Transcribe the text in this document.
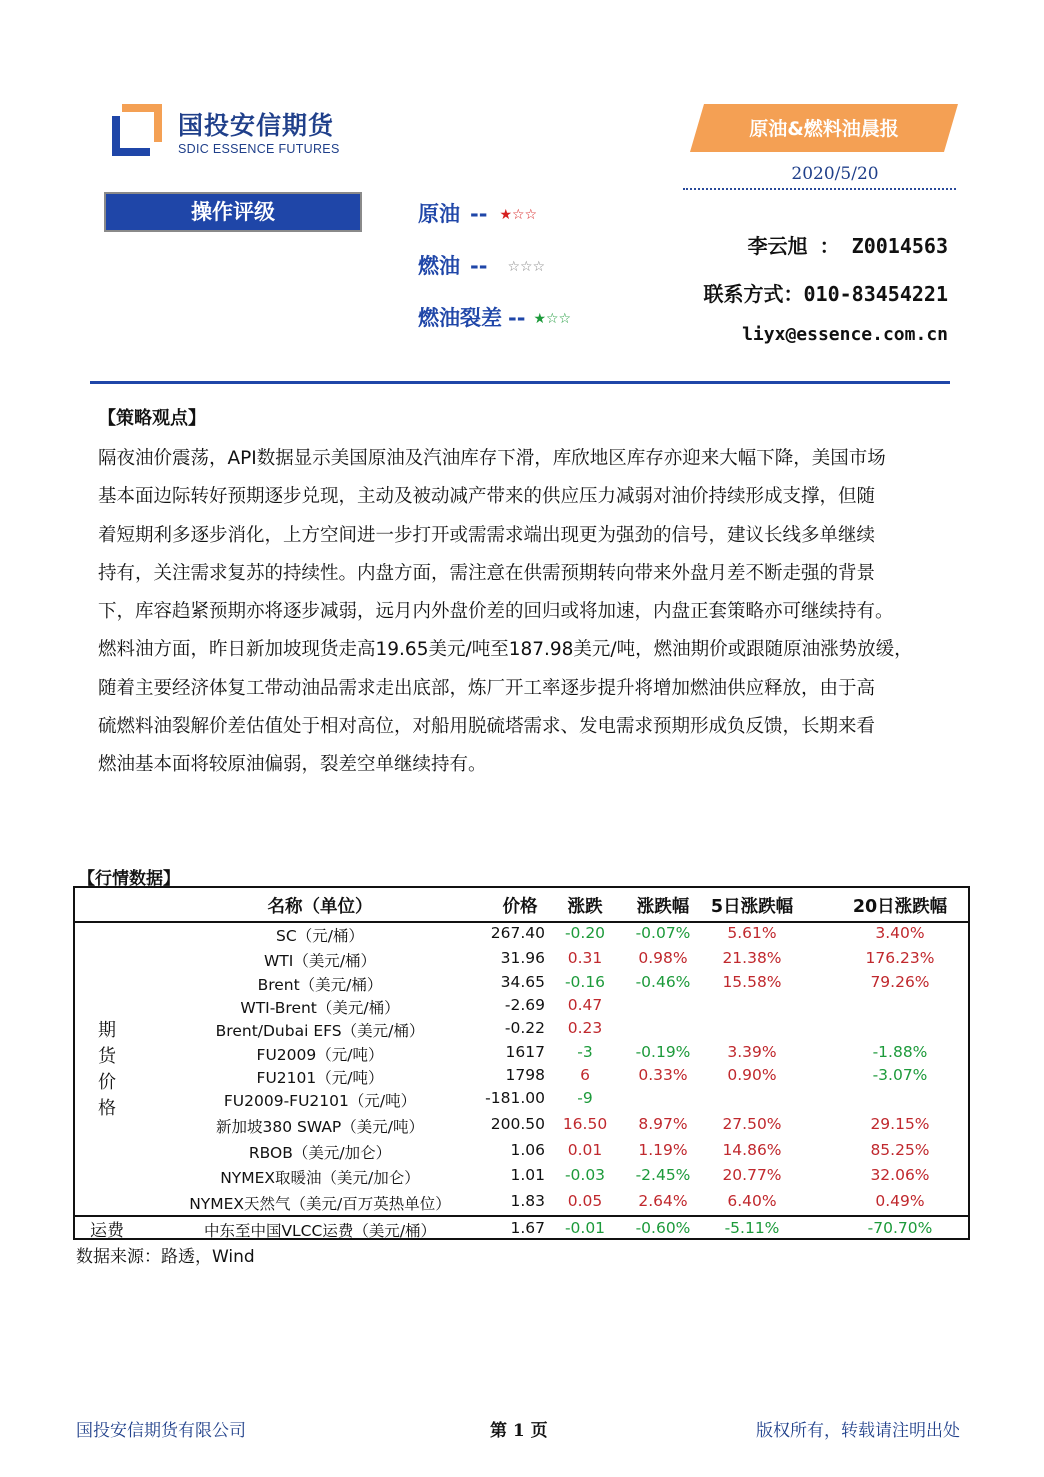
国投安信期货
SDIC ESSENCE FUTURES
原油&燃料油晨报
2020/5/20
操作评级	原油 -- ★☆☆
燃油 -- ☆☆☆
燃油裂差 -- ★☆☆
李云旭 ： Z0014563
联系方式：010-83454221
liyx@essence.com.cn
【策略观点】

隔夜油价震荡，API数据显示美国原油及汽油库存下滑，库欣地区库存亦迎来大幅下降，美国市场

基本面边际转好预期逐步兑现，主动及被动减产带来的供应压力减弱对油价持续形成支撑，但随

着短期利多逐步消化，上方空间进一步打开或需需求端出现更为强劲的信号，建议长线多单继续

持有，关注需求复苏的持续性。内盘方面，需注意在供需预期转向带来外盘月差不断走强的背景

下，库容趋紧预期亦将逐步减弱，远月内外盘价差的回归或将加速，内盘正套策略亦可继续持有。

燃料油方面，昨日新加坡现货走高19.65美元/吨至187.98美元/吨，燃油期价或跟随原油涨势放缓，

随着主要经济体复工带动油品需求走出底部，炼厂开工率逐步提升将增加燃油供应释放，由于高

硫燃料油裂解价差估值处于相对高位，对船用脱硫塔需求、发电需求预期形成负反馈，长期来看

燃油基本面将较原油偏弱，裂差空单继续持有。

【行情数据】
名称（单位）	价格	涨跌	涨跌幅	5日涨跌幅	20日涨跌幅
期
货
价
格
SC（元/桶）	267.40	-0.20	-0.07%	5.61%	3.40%
WTI（美元/桶）	31.96	0.31	0.98%	21.38%	176.23%
Brent（美元/桶）	34.65	-0.16	-0.46%	15.58%	79.26%
WTI-Brent（美元/桶）	-2.69	0.47
Brent/Dubai EFS（美元/桶）	-0.22	0.23
FU2009（元/吨）	1617	-3	-0.19%	3.39%	-1.88%
FU2101（元/吨）	1798	6	0.33%	0.90%	-3.07%
FU2009-FU2101（元/吨）	-181.00	-9
新加坡380 SWAP（美元/吨）	200.50	16.50	8.97%	27.50%	29.15%
RBOB（美元/加仑）	1.06	0.01	1.19%	14.86%	85.25%
NYMEX取暖油（美元/加仑）	1.01	-0.03	-2.45%	20.77%	32.06%
NYMEX天然气（美元/百万英热单位）	1.83	0.05	2.64%	6.40%	0.49%
运费	中东至中国VLCC运费（美元/桶）	1.67	-0.01	-0.60%	-5.11%	-70.70%
数据来源：路透，Wind
国投安信期货有限公司	第 1 页	版权所有，转载请注明出处
